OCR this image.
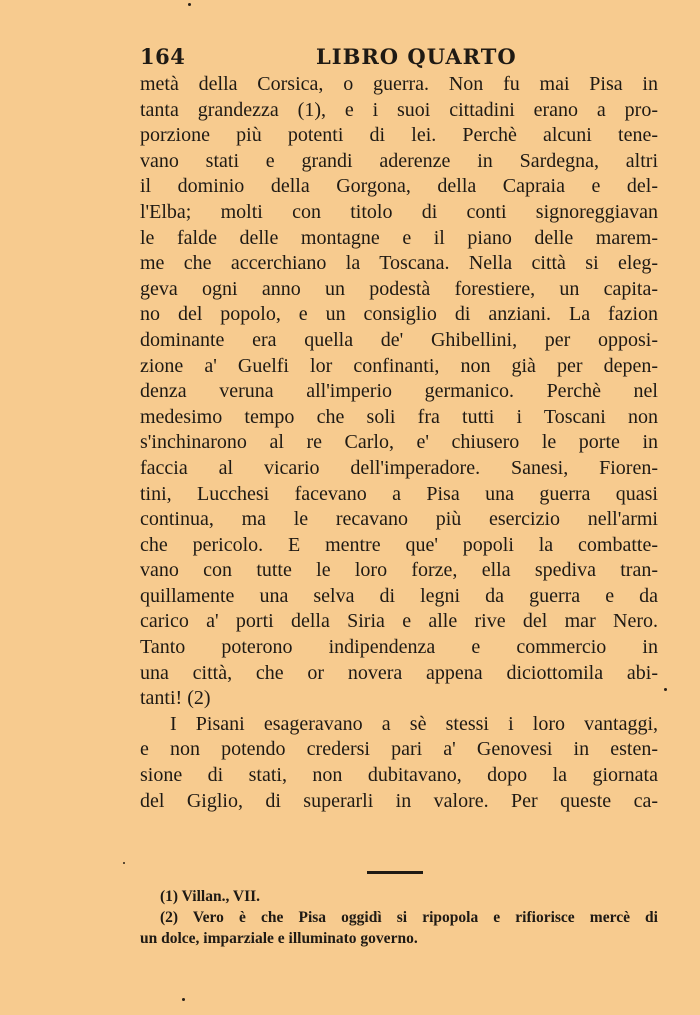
164	LIBRO QUARTO
metà della Corsica, o guerra. Non fu mai Pisa in
tanta grandezza (1), e i suoi cittadini erano a pro-
porzione più potenti di lei. Perchè alcuni tene-
vano stati e grandi aderenze in Sardegna, altri
il dominio della Gorgona, della Capraia e del-
l'Elba; molti con titolo di conti signoreggiavan
le falde delle montagne e il piano delle marem-
me che accerchiano la Toscana. Nella città si eleg-
geva ogni anno un podestà forestiere, un capita-
no del popolo, e un consiglio di anziani. La fazion
dominante era quella de' Ghibellini, per opposi-
zione a' Guelfi lor confinanti, non già per depen-
denza veruna all'imperio germanico. Perchè nel
medesimo tempo che soli fra tutti i Toscani non
s'inchinarono al re Carlo, e' chiusero le porte in
faccia al vicario dell'imperadore. Sanesi, Fioren-
tini, Lucchesi facevano a Pisa una guerra quasi
continua, ma le recavano più esercizio nell'armi
che pericolo. E mentre que' popoli la combatte-
vano con tutte le loro forze, ella spediva tran-
quillamente una selva di legni da guerra e da
carico a' porti della Siria e alle rive del mar Nero.
Tanto poterono indipendenza e commercio in
una città, che or novera appena diciottomila abi-
tanti! (2)
I Pisani esageravano a sè stessi i loro vantaggi,
e non potendo credersi pari a' Genovesi in esten-
sione di stati, non dubitavano, dopo la giornata
del Giglio, di superarli in valore. Per queste ca-
(1) Villan., VII.
(2) Vero è che Pisa oggidì si ripopola e rifiorisce mercè di
un dolce, imparziale e illuminato governo.
